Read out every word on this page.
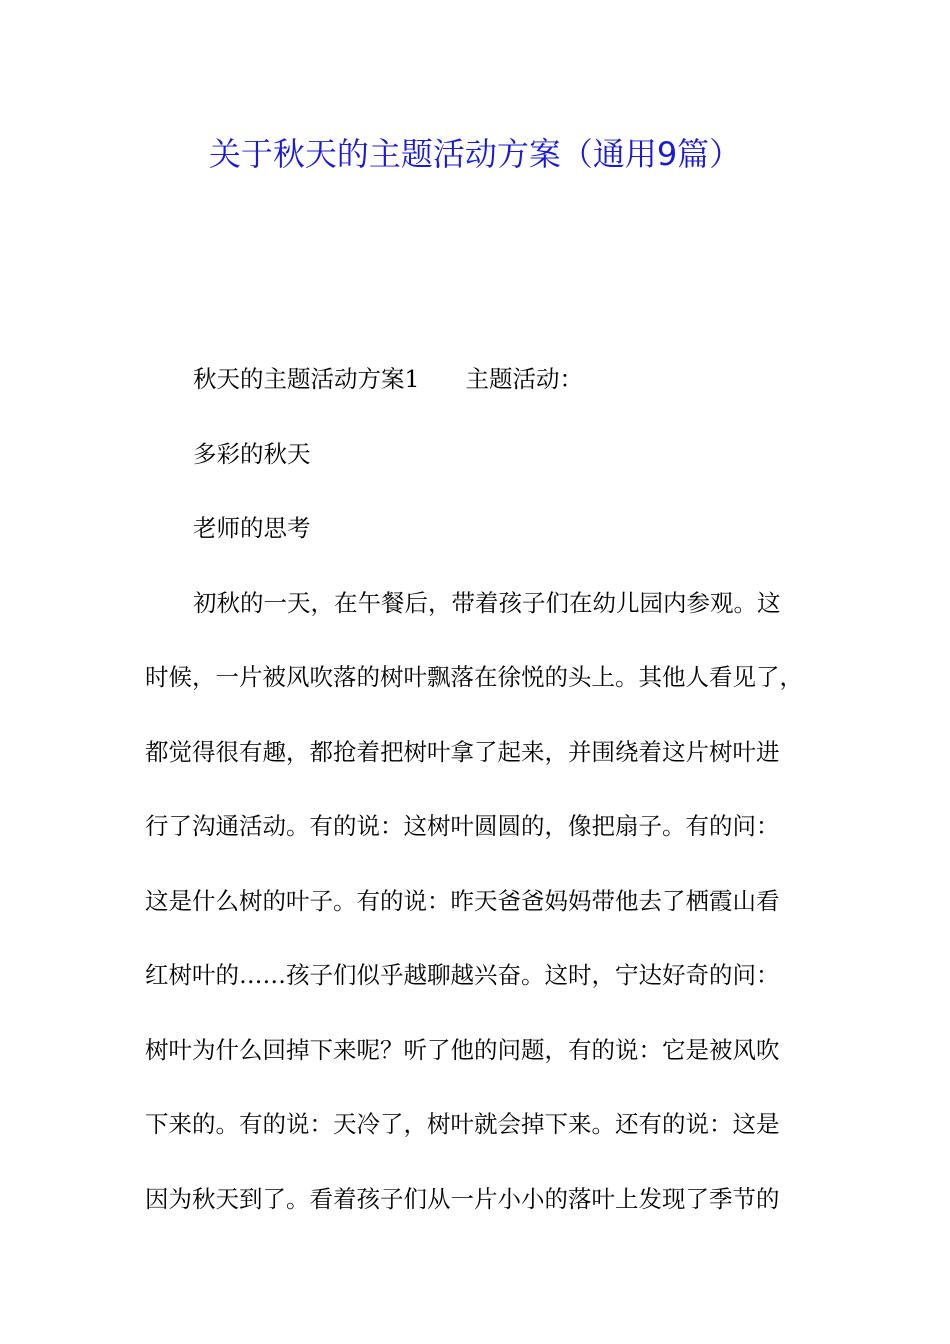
关于秋天的主题活动方案（通用9篇）
秋天的主题活动方案1 主题活动：
多彩的秋天
老师的思考
初秋的一天，在午餐后，带着孩子们在幼儿园内参观。这
时候，一片被风吹落的树叶飘落在徐悦的头上。其他人看见了，
都觉得很有趣，都抢着把树叶拿了起来，并围绕着这片树叶进
行了沟通活动。有的说：这树叶圆圆的，像把扇子。有的问：
这是什么树的叶子。有的说：昨天爸爸妈妈带他去了栖霞山看
红树叶的……孩子们似乎越聊越兴奋。这时，宁达好奇的问：
树叶为什么回掉下来呢？听了他的问题，有的说：它是被风吹
下来的。有的说：天冷了，树叶就会掉下来。还有的说：这是
因为秋天到了。看着孩子们从一片小小的落叶上发现了季节的
